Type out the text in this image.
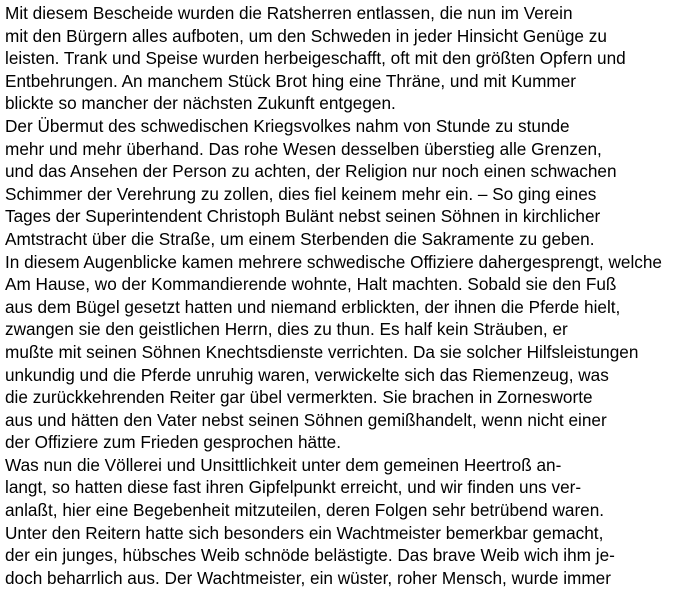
Mit diesem Bescheide wurden die Ratsherren entlassen, die nun im Verein
mit den Bürgern alles aufboten, um den Schweden in jeder Hinsicht Genüge zu
leisten. Trank und Speise wurden herbeigeschafft, oft mit den größten Opfern und
Entbehrungen. An manchem Stück Brot hing eine Thräne, und mit Kummer
blickte so mancher der nächsten Zukunft entgegen.
Der Übermut des schwedischen Kriegsvolkes nahm von Stunde zu stunde
mehr und mehr überhand. Das rohe Wesen desselben überstieg alle Grenzen,
und das Ansehen der Person zu achten, der Religion nur noch einen schwachen
Schimmer der Verehrung zu zollen, dies fiel keinem mehr ein. – So ging eines
Tages der Superintendent Christoph Bulänt nebst seinen Söhnen in kirchlicher
Amtstracht über die Straße, um einem Sterbenden die Sakramente zu geben.
In diesem Augenblicke kamen mehrere schwedische Offiziere dahergesprengt, welche
Am Hause, wo der Kommandierende wohnte, Halt machten. Sobald sie den Fuß
aus dem Bügel gesetzt hatten und niemand erblickten, der ihnen die Pferde hielt,
zwangen sie den geistlichen Herrn, dies zu thun. Es half kein Sträuben, er
mußte mit seinen Söhnen Knechtsdienste verrichten. Da sie solcher Hilfsleistungen
unkundig und die Pferde unruhig waren, verwickelte sich das Riemenzeug, was
die zurückkehrenden Reiter gar übel vermerkten. Sie brachen in Zornesworte
aus und hätten den Vater nebst seinen Söhnen gemißhandelt, wenn nicht einer
der Offiziere zum Frieden gesprochen hätte.
Was nun die Völlerei und Unsittlichkeit unter dem gemeinen Heertroß an-
langt, so hatten diese fast ihren Gipfelpunkt erreicht, und wir finden uns ver-
anlaßt, hier eine Begebenheit mitzuteilen, deren Folgen sehr betrübend waren.
Unter den Reitern hatte sich besonders ein Wachtmeister bemerkbar gemacht,
der ein junges, hübsches Weib schnöde belästigte. Das brave Weib wich ihm je-
doch beharrlich aus. Der Wachtmeister, ein wüster, roher Mensch, wurde immer
